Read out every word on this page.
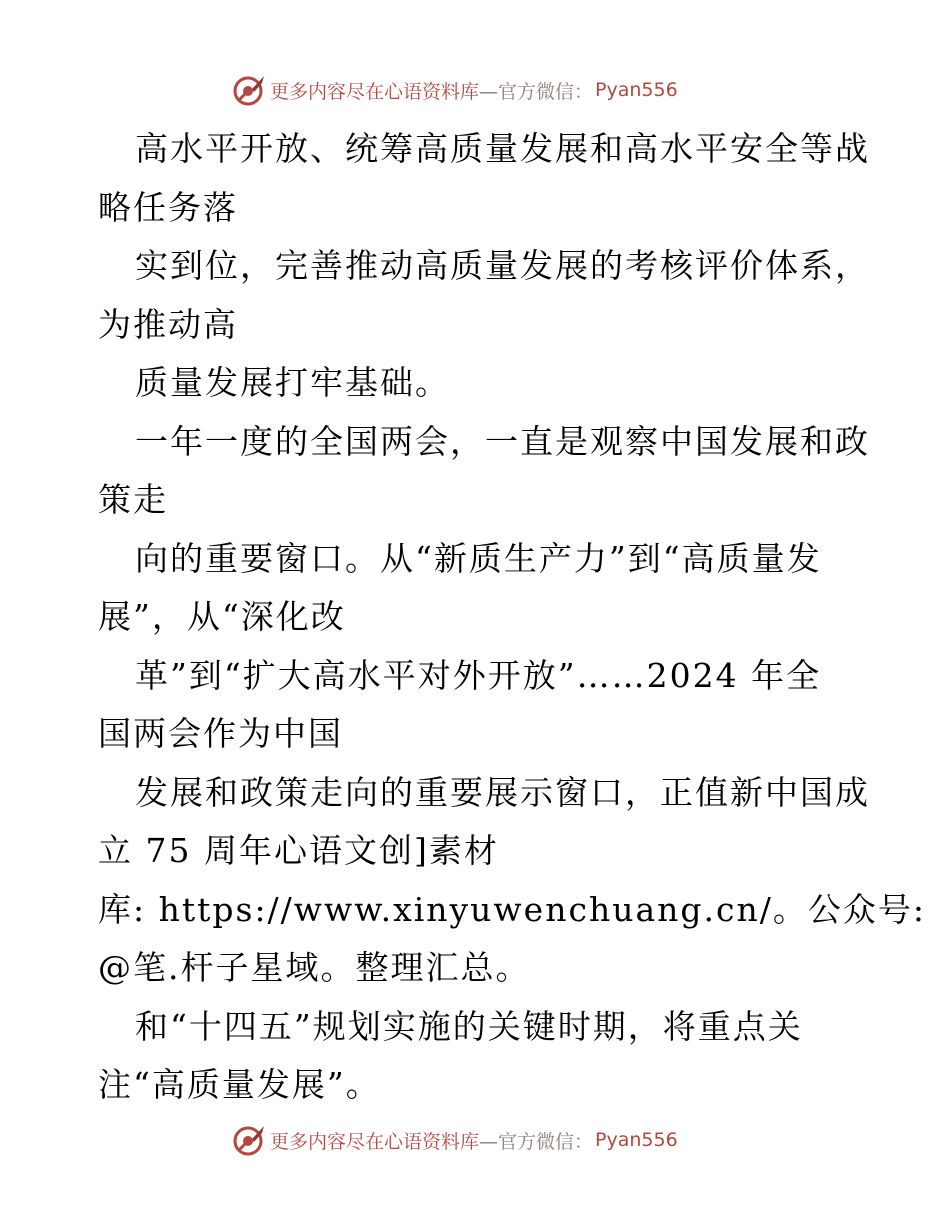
更多内容尽在心语资料库 —官方微信： Pyan556
高水平开放、统筹高质量发展和高水平安全等战
略任务落
实到位，完善推动高质量发展的考核评价体系，
为推动高
质量发展打牢基础。
一年一度的全国两会，一直是观察中国发展和政
策走
向的重要窗口。从“新质生产力”到“高质量发
展”，从“深化改
革”到“扩大高水平对外开放”……2024 年全
国两会作为中国
发展和政策走向的重要展示窗口，正值新中国成
立 75 周年心语文创]素材
库: https://www.xinyuwenchuang.cn/。公众号:
@笔.杆子星域。整理汇总。
和“十四五”规划实施的关键时期，将重点关
注“高质量发展”。
更多内容尽在心语资料库 —官方微信： Pyan556
